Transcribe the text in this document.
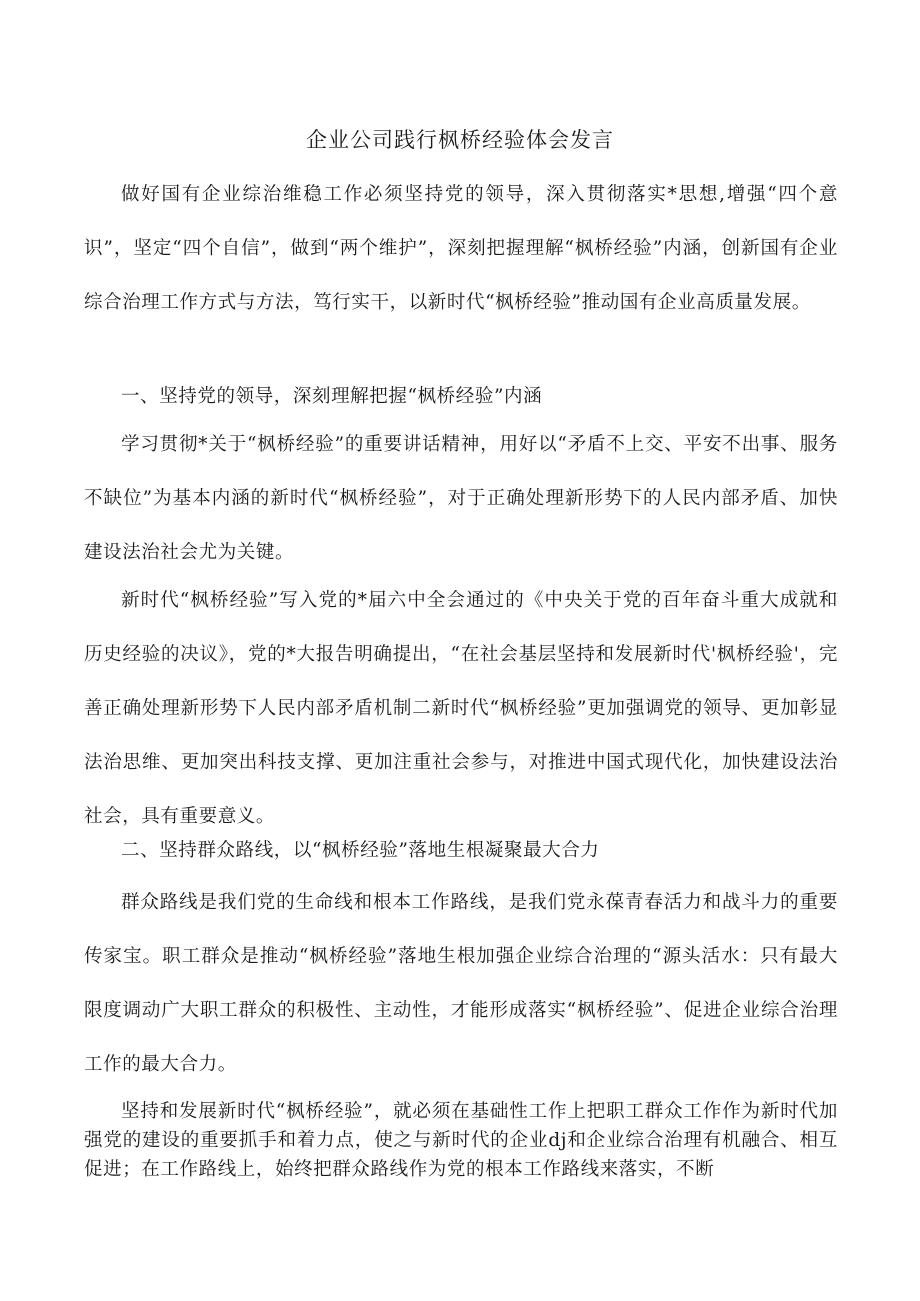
企业公司践行枫桥经验体会发言

做好国有企业综治维稳工作必须坚持党的领导，深入贯彻落实*思想,增强“四个意识”，坚定“四个自信”，做到“两个维护”，深刻把握理解“枫桥经验”内涵，创新国有企业综合治理工作方式与方法，笃行实干，以新时代“枫桥经验”推动国有企业高质量发展。

一、坚持党的领导，深刻理解把握“枫桥经验”内涵

学习贯彻*关于“枫桥经验”的重要讲话精神，用好以“矛盾不上交、平安不出事、服务不缺位”为基本内涵的新时代“枫桥经验”，对于正确处理新形势下的人民内部矛盾、加快建设法治社会尤为关键。

新时代“枫桥经验”写入党的*届六中全会通过的《中央关于党的百年奋斗重大成就和历史经验的决议》，党的*大报告明确提出，“在社会基层坚持和发展新时代'枫桥经验'，完善正确处理新形势下人民内部矛盾机制二新时代“枫桥经验”更加强调党的领导、更加彰显法治思维、更加突出科技支撑、更加注重社会参与，对推进中国式现代化，加快建设法治社会，具有重要意义。

二、坚持群众路线，以“枫桥经验”落地生根凝聚最大合力

群众路线是我们党的生命线和根本工作路线，是我们党永葆青春活力和战斗力的重要传家宝。职工群众是推动“枫桥经验”落地生根加强企业综合治理的“源头活水：只有最大限度调动广大职工群众的积极性、主动性，才能形成落实“枫桥经验”、促进企业综合治理工作的最大合力。

坚持和发展新时代“枫桥经验”，就必须在基础性工作上把职工群众工作作为新时代加强党的建设的重要抓手和着力点，使之与新时代的企业dj和企业综合治理有机融合、相互促进；在工作路线上，始终把群众路线作为党的根本工作路线来落实，不断
